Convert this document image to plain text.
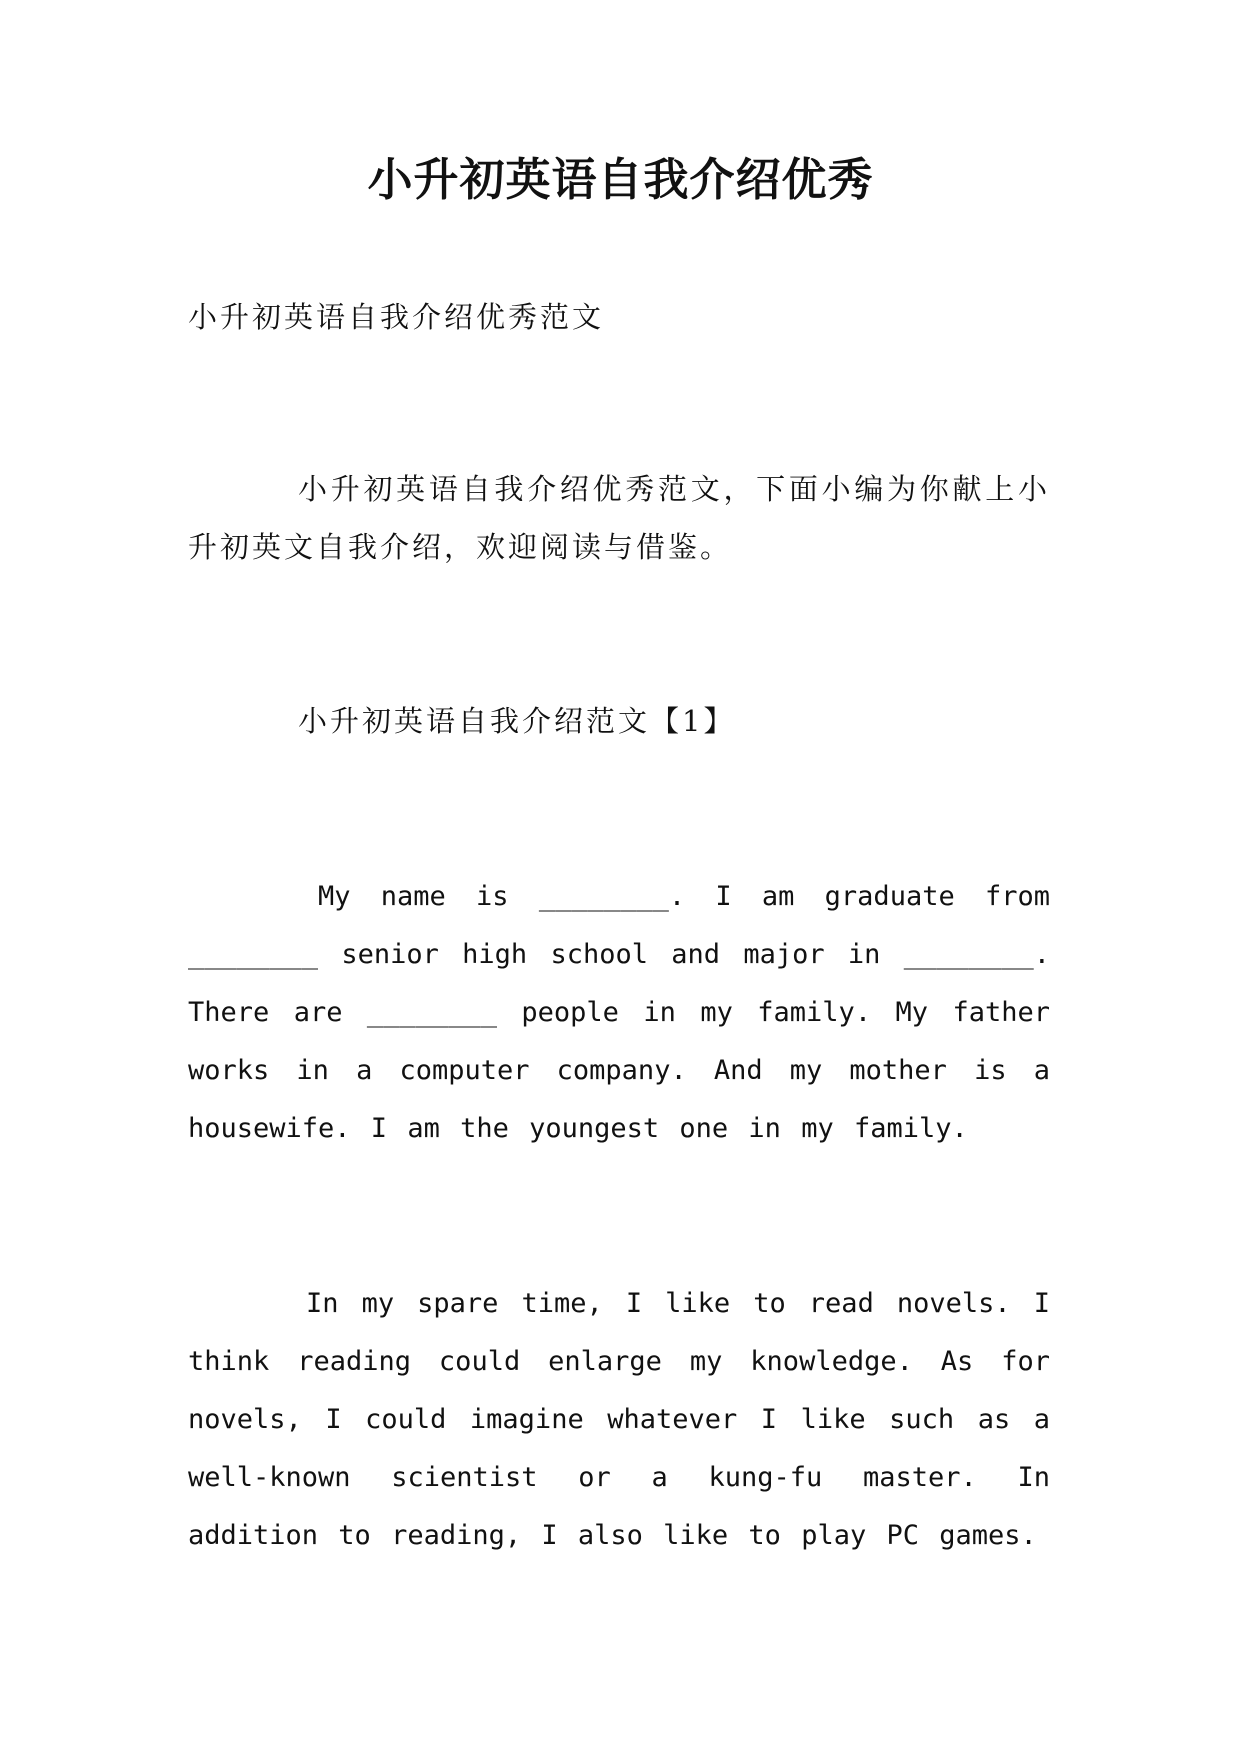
小升初英语自我介绍优秀

小升初英语自我介绍优秀范文

小升初英语自我介绍优秀范文，下面小编为你献上小升初英文自我介绍，欢迎阅读与借鉴。

小升初英语自我介绍范文【1】

My name is ________. I am graduate from ________ senior high school and major in ________. There are ________ people in my family. My father works in a computer company. And my mother is a housewife. I am the youngest one in my family.

In my spare time, I like to read novels. I think reading could enlarge my knowledge. As for novels, I could imagine whatever I like such as a well-known scientist or a kung-fu master. In addition to reading, I also like to play PC games.
